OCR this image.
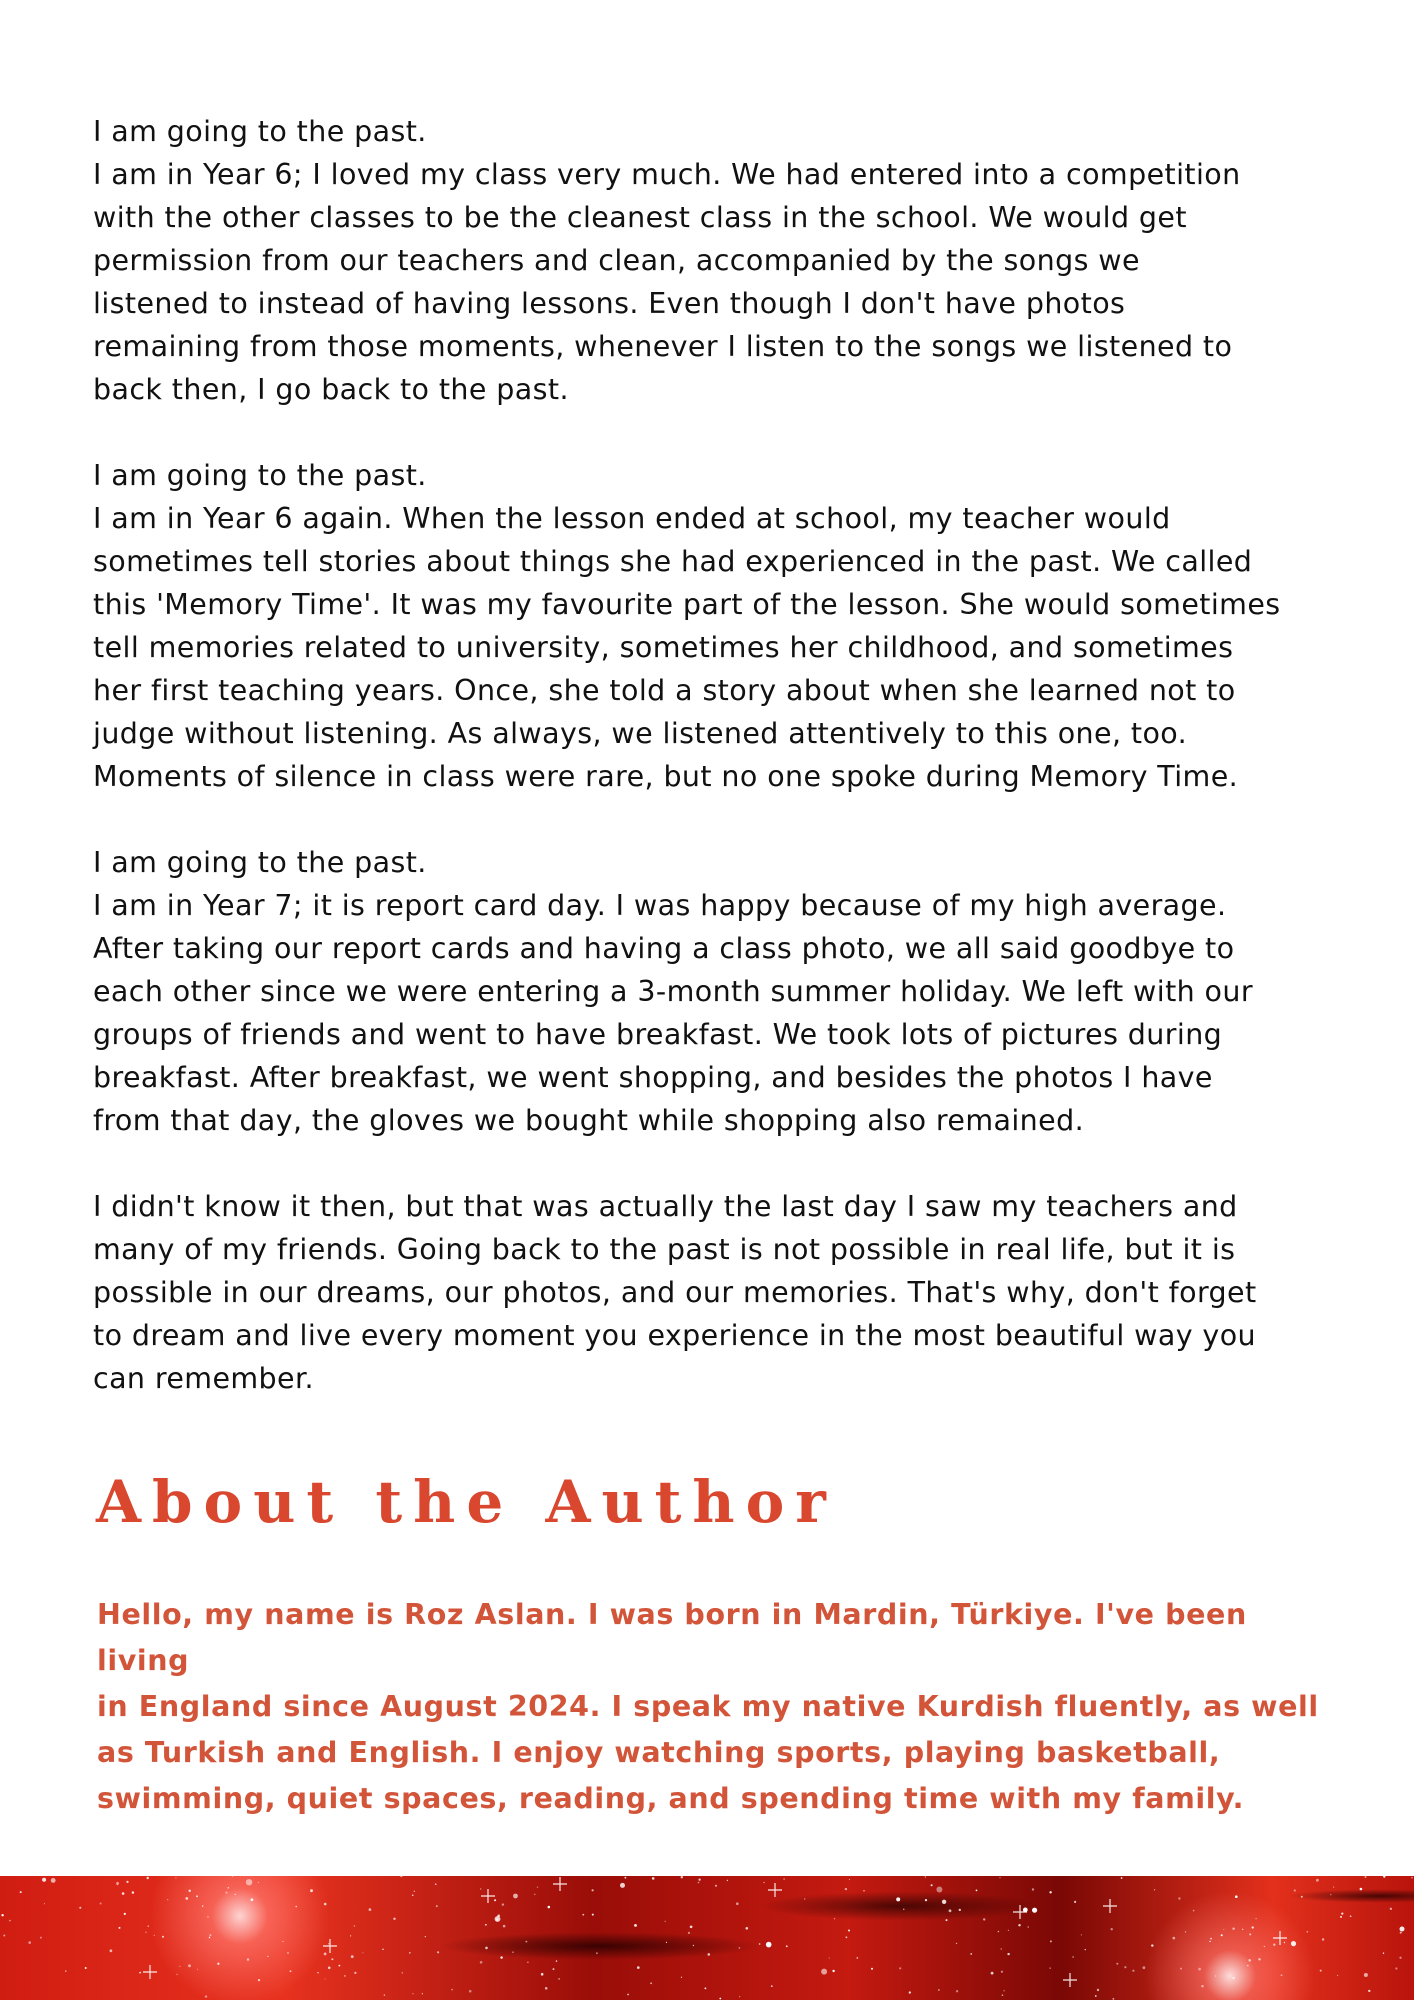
I am going to the past.
I am in Year 6; I loved my class very much. We had entered into a competition
with the other classes to be the cleanest class in the school. We would get
permission from our teachers and clean, accompanied by the songs we
listened to instead of having lessons. Even though I don't have photos
remaining from those moments, whenever I listen to the songs we listened to
back then, I go back to the past.
I am going to the past.
I am in Year 6 again. When the lesson ended at school, my teacher would
sometimes tell stories about things she had experienced in the past. We called
this 'Memory Time'. It was my favourite part of the lesson. She would sometimes
tell memories related to university, sometimes her childhood, and sometimes
her first teaching years. Once, she told a story about when she learned not to
judge without listening. As always, we listened attentively to this one, too.
Moments of silence in class were rare, but no one spoke during Memory Time.
I am going to the past.
I am in Year 7; it is report card day. I was happy because of my high average.
After taking our report cards and having a class photo, we all said goodbye to
each other since we were entering a 3-month summer holiday. We left with our
groups of friends and went to have breakfast. We took lots of pictures during
breakfast. After breakfast, we went shopping, and besides the photos I have
from that day, the gloves we bought while shopping also remained.
I didn't know it then, but that was actually the last day I saw my teachers and
many of my friends. Going back to the past is not possible in real life, but it is
possible in our dreams, our photos, and our memories. That's why, don't forget
to dream and live every moment you experience in the most beautiful way you
can remember.
About the Author
Hello, my name is Roz Aslan. I was born in Mardin, Türkiye. I've been living
in England since August 2024. I speak my native Kurdish fluently, as well
as Turkish and English. I enjoy watching sports, playing basketball,
swimming, quiet spaces, reading, and spending time with my family.
